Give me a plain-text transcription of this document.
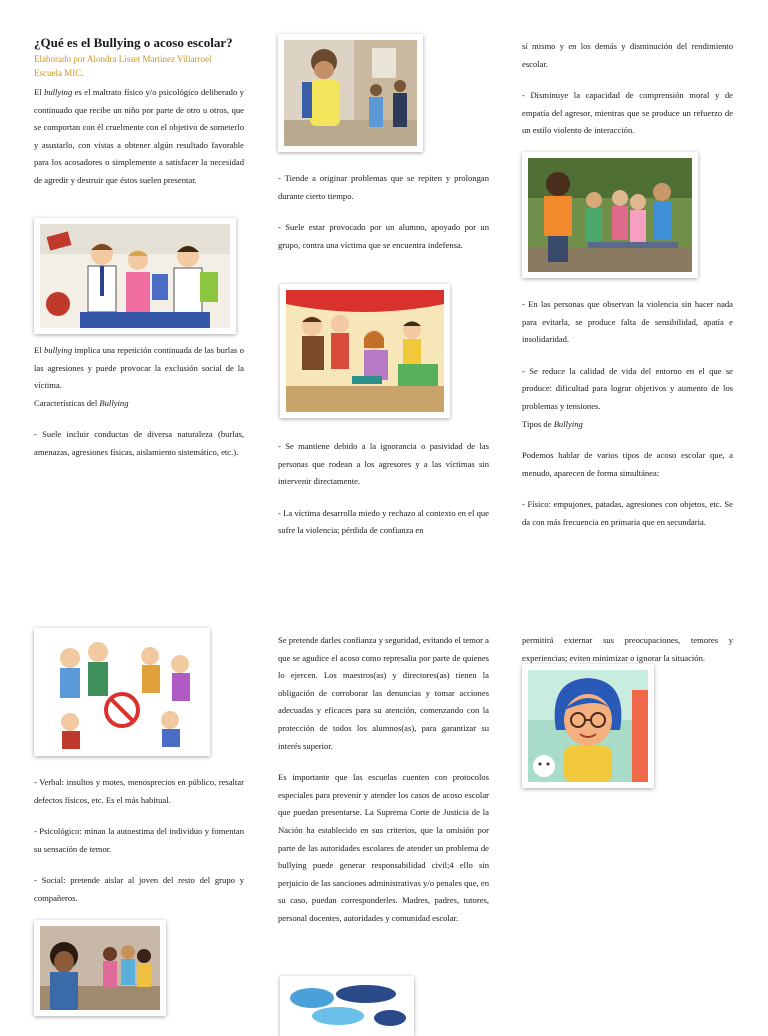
¿Qué es el Bullying o acoso escolar?
Elaborado por Alondra Lisset Martínez Villarroel
Escuela MIC.

El bullying es el maltrato físico y/o psicológico deliberado y continuado que recibe un niño por parte de otro u otros, que se comportan con él cruelmente con el objetivo de someterlo y asustarlo, con vistas a obtener algún resultado favorable para los acosadores o simplemente a satisfacer la necesidad de agredir y destruir que éstos suelen presentar.

El bullying implica una repetición continuada de las burlas o las agresiones y puede provocar la exclusión social de la víctima.

Características del Bullying

- Suele incluir conductas de diversa naturaleza (burlas, amenazas, agresiones físicas, aislamiento sistemático, etc.).

- Tiende a originar problemas que se repiten y prolongan durante cierto tiempo.

- Suele estar provocado por un alumno, apoyado por un grupo, contra una víctima que se encuentra indefensa.

- Se mantiene debido a la ignorancia o pasividad de las personas que rodean a los agresores y a las víctimas sin intervenir directamente.

- La víctima desarrolla miedo y rechazo al contexto en el que sufre la violencia; pérdida de confianza en

sí mismo y en los demás y disminución del rendimiento escolar.

- Disminuye la capacidad de comprensión moral y de empatía del agresor, mientras que se produce un refuerzo de un estilo violento de interacción.

- En las personas que observan la violencia sin hacer nada para evitarla, se produce falta de sensibilidad, apatía e insolidaridad.

- Se reduce la calidad de vida del entorno en el que se produce: dificultad para lograr objetivos y aumento de los problemas y tensiones.

Tipos de Bullying

Podemos hablar de varios tipos de acoso escolar que, a menudo, aparecen de forma simultánea:

- Físico: empujones, patadas, agresiones con objetos, etc. Se da con más frecuencia en primaria que en secundaria.

- Verbal: insultos y motes, menosprecios en público, resaltar defectos físicos, etc. Es el más habitual.

- Psicológico: minan la autoestima del individuo y fomentan su sensación de temor.

- Social: pretende aislar al joven del resto del grupo y compañeros.

Se pretende darles confianza y seguridad, evitando el temor a que se agudice el acoso como represalia por parte de quienes lo ejercen. Los maestros(as) y directores(as) tienen la obligación de corroborar las denuncias y tomar acciones adecuadas y eficaces para su atención, comenzando con la protección de todos los alumnos(as), para garantizar su interés superior.

Es importante que las escuelas cuenten con protocolos especiales para prevenir y atender los casos de acoso escolar que puedan presentarse. La Suprema Corte de Justicia de la Nación ha establecido en sus criterios, que la omisión por parte de las autoridades escolares de atender un problema de bullying puede generar responsabilidad civil;4 ello sin perjuicio de las sanciones administrativas y/o penales que, en su caso, puedan corresponderles. Madres, padres, tutores, personal docentes, autoridades y comunidad escolar.

permitirá externar sus preocupaciones, temores y experiencias; eviten minimizar o ignorar la situación.
